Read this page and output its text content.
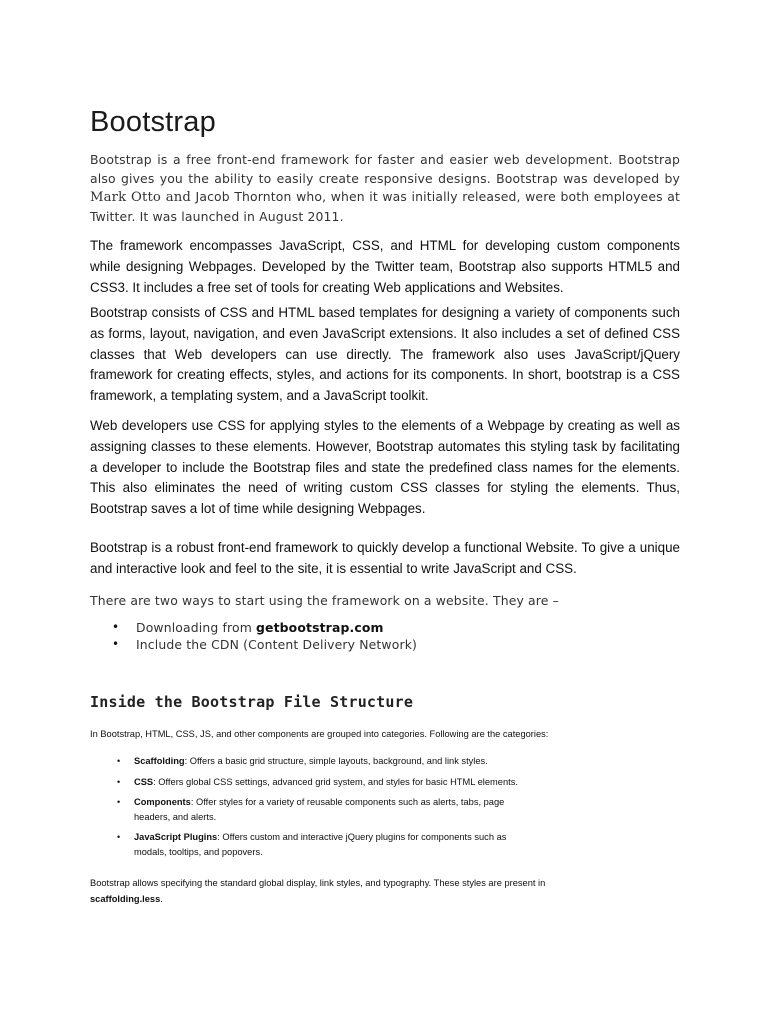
Bootstrap

Bootstrap is a free front-end framework for faster and easier web development. Bootstrap also gives you the ability to easily create responsive designs. Bootstrap was developed by Mark Otto and Jacob Thornton who, when it was initially released, were both employees at Twitter. It was launched in August 2011.

The framework encompasses JavaScript, CSS, and HTML for developing custom components while designing Webpages. Developed by the Twitter team, Bootstrap also supports HTML5 and CSS3. It includes a free set of tools for creating Web applications and Websites.

Bootstrap consists of CSS and HTML based templates for designing a variety of components such as forms, layout, navigation, and even JavaScript extensions. It also includes a set of defined CSS classes that Web developers can use directly. The framework also uses JavaScript/jQuery framework for creating effects, styles, and actions for its components. In short, bootstrap is a CSS framework, a templating system, and a JavaScript toolkit.

Web developers use CSS for applying styles to the elements of a Webpage by creating as well as assigning classes to these elements. However, Bootstrap automates this styling task by facilitating a developer to include the Bootstrap files and state the predefined class names for the elements. This also eliminates the need of writing custom CSS classes for styling the elements. Thus, Bootstrap saves a lot of time while designing Webpages.

Bootstrap is a robust front-end framework to quickly develop a functional Website. To give a unique and interactive look and feel to the site, it is essential to write JavaScript and CSS.

There are two ways to start using the framework on a website. They are –

• Downloading from getbootstrap.com
• Include the CDN (Content Delivery Network)
Inside the Bootstrap File Structure

In Bootstrap, HTML, CSS, JS, and other components are grouped into categories. Following are the categories:

• Scaffolding: Offers a basic grid structure, simple layouts, background, and link styles.
• CSS: Offers global CSS settings, advanced grid system, and styles for basic HTML elements.
• Components: Offer styles for a variety of reusable components such as alerts, tabs, page headers, and alerts.
• JavaScript Plugins: Offers custom and interactive jQuery plugins for components such as modals, tooltips, and popovers.

Bootstrap allows specifying the standard global display, link styles, and typography. These styles are present in scaffolding.less.
